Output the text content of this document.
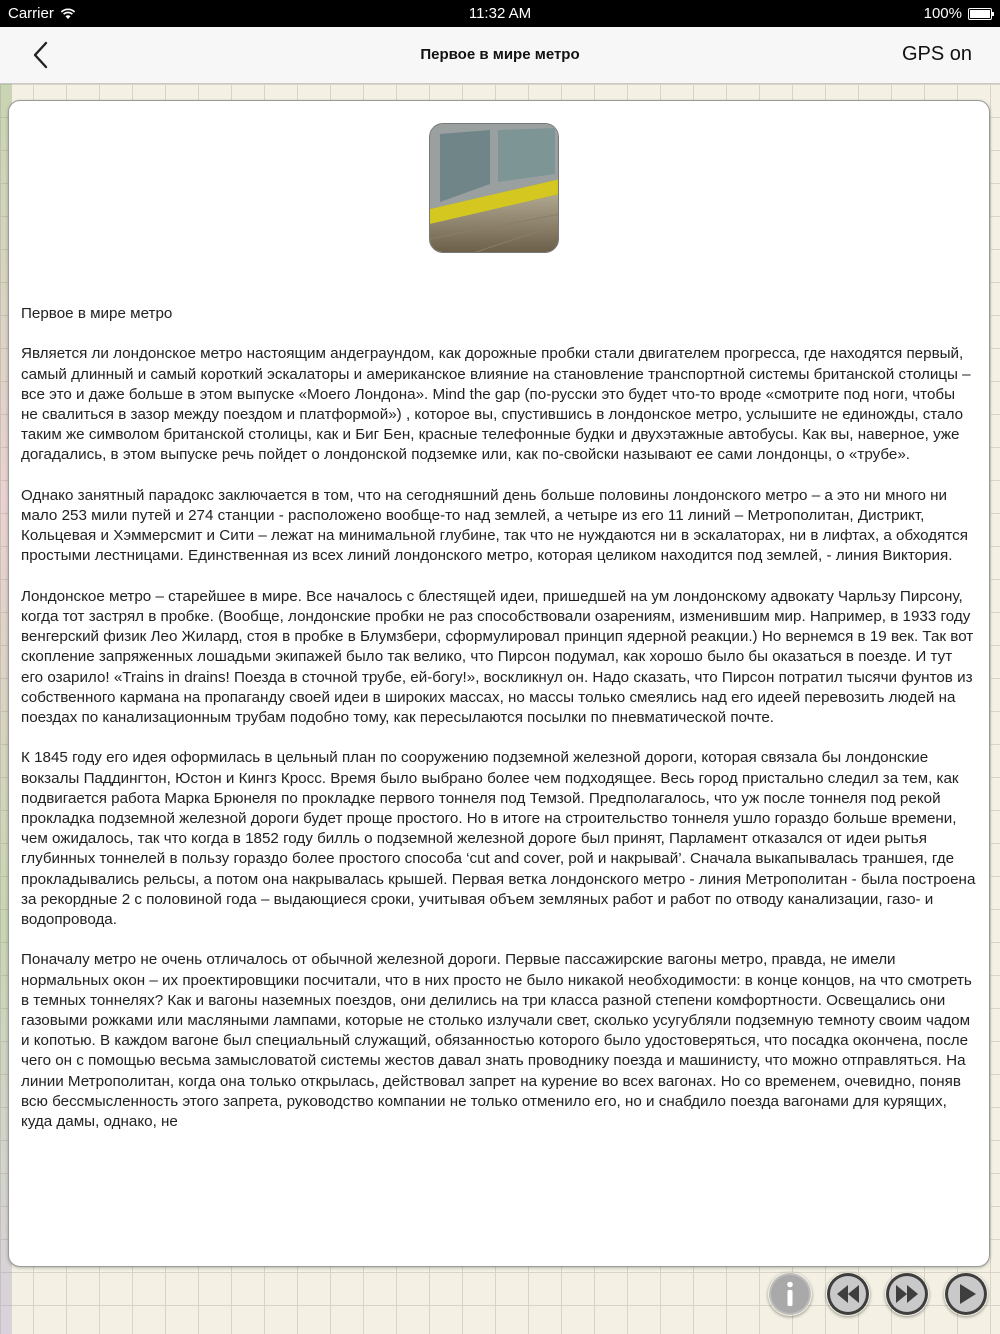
Carrier	11:32 AM	100%
Первое в мире метро	GPS on

Первое в мире метро

Является ли лондонское метро настоящим андеграундом, как дорожные пробки стали двигателем прогресса, где находятся первый, самый длинный и самый короткий эскалаторы и американское влияние на становление транспортной системы британской столицы – все это и даже больше в этом выпуске «Моего Лондона». Mind the gap (по-русски это будет что-то вроде «смотрите под ноги, чтобы не свалиться в зазор между поездом и платформой») , которое вы, спустившись в лондонское метро, услышите не единожды, стало таким же символом британской столицы, как и Биг Бен, красные телефонные будки и двухэтажные автобусы. Как вы, наверное, уже догадались, в этом выпуске речь пойдет о лондонской подземке или, как по-свойски называют ее сами лондонцы, о «трубе».

Однако занятный парадокс заключается в том, что на сегодняшний день больше половины лондонского метро – а это ни много ни мало 253 мили путей и 274 станции - расположено вообще-то над землей, а четыре из его 11 линий – Метрополитан, Дистрикт, Кольцевая и Хэммерсмит и Сити – лежат на минимальной глубине, так что не нуждаются ни в эскалаторах, ни в лифтах, а обходятся простыми лестницами. Единственная из всех линий лондонского метро, которая целиком находится под землей, - линия Виктория.

Лондонское метро – старейшее в мире. Все началось с блестящей идеи, пришедшей на ум лондонскому адвокату Чарльзу Пирсону, когда тот застрял в пробке. (Вообще, лондонские пробки не раз способствовали озарениям, изменившим мир. Например, в 1933 году венгерский физик Лео Жилард, стоя в пробке в Блумзбери, сформулировал принцип ядерной реакции.) Но вернемся в 19 век. Так вот скопление запряженных лошадьми экипажей было так велико, что Пирсон подумал, как хорошо было бы оказаться в поезде. И тут его озарило! «Trains in drains! Поезда в сточной трубе, ей-богу!», воскликнул он. Надо сказать, что Пирсон потратил тысячи фунтов из собственного кармана на пропаганду своей идеи в широких массах, но массы только смеялись над его идеей перевозить людей на поездах по канализационным трубам подобно тому, как пересылаются посылки по пневматической почте.

К 1845 году его идея оформилась в цельный план по сооружению подземной железной дороги, которая связала бы лондонские вокзалы Паддингтон, Юстон и Кингз Кросс. Время было выбрано более чем подходящее. Весь город пристально следил за тем, как подвигается работа Марка Брюнеля по прокладке первого тоннеля под Темзой. Предполагалось, что уж после тоннеля под рекой прокладка подземной железной дороги будет проще простого. Но в итоге на строительство тоннеля ушло гораздо больше времени, чем ожидалось, так что когда в 1852 году билль о подземной железной дороге был принят, Парламент отказался от идеи рытья глубинных тоннелей в пользу гораздо более простого способа ‘cut and cover, рой и накрывай’. Сначала выкапывалась траншея, где прокладывались рельсы, а потом она накрывалась крышей. Первая ветка лондонского метро - линия Метрополитан - была построена за рекордные 2 с половиной года – выдающиеся сроки, учитывая объем земляных работ и работ по отводу канализации, газо- и водопровода.

Поначалу метро не очень отличалось от обычной железной дороги. Первые пассажирские вагоны метро, правда, не имели нормальных окон – их проектировщики посчитали, что в них просто не было никакой необходимости: в конце концов, на что смотреть в темных тоннелях? Как и вагоны наземных поездов, они делились на три класса разной степени комфортности. Освещались они газовыми рожками или масляными лампами, которые не столько излучали свет, сколько усугубляли подземную темноту своим чадом и копотью. В каждом вагоне был специальный служащий, обязанностью которого было удостоверяться, что посадка окончена, после чего он с помощью весьма замысловатой системы жестов давал знать проводнику поезда и машинисту, что можно отправляться. На линии Метрополитан, когда она только открылась, действовал запрет на курение во всех вагонах. Но со временем, очевидно, поняв всю бессмысленность этого запрета, руководство компании не только отменило его, но и снабдило поезда вагонами для курящих, куда дамы, однако, не
